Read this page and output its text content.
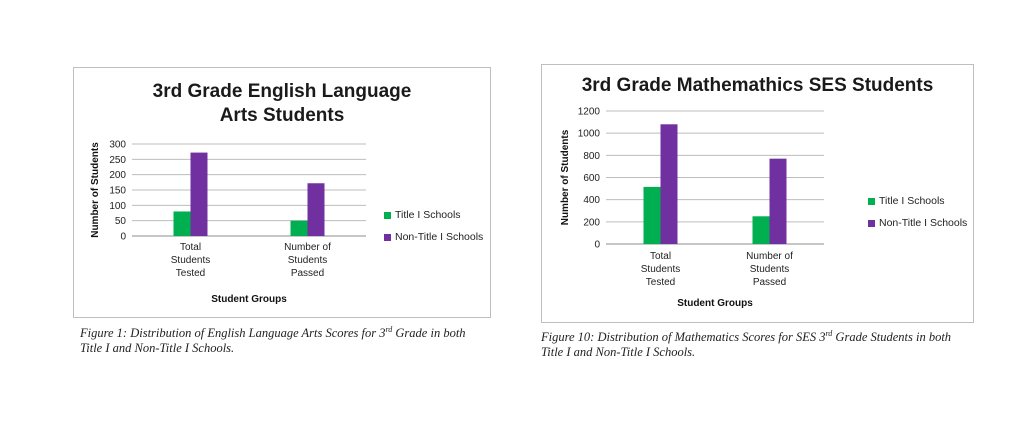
3rd Grade English Language Arts Students
0
50
100
150
200
250
300
Total Students Tested
Number of Students Passed
Student Groups
Number of Students	Title I Schools
Non-Title I Schools
Figure 1: Distribution of English Language Arts Scores for 3rd Grade in both Title I and Non-Title I Schools.
3rd Grade Mathemathics SES Students
0
200
400
600
800
1000
1200
Total Students Tested
Number of Students Passed
Student Groups
Number of Students	Title I Schools
Non-Title I Schools
Figure 10: Distribution of Mathematics Scores for SES 3rd Grade Students in both Title I and Non-Title I Schools.
